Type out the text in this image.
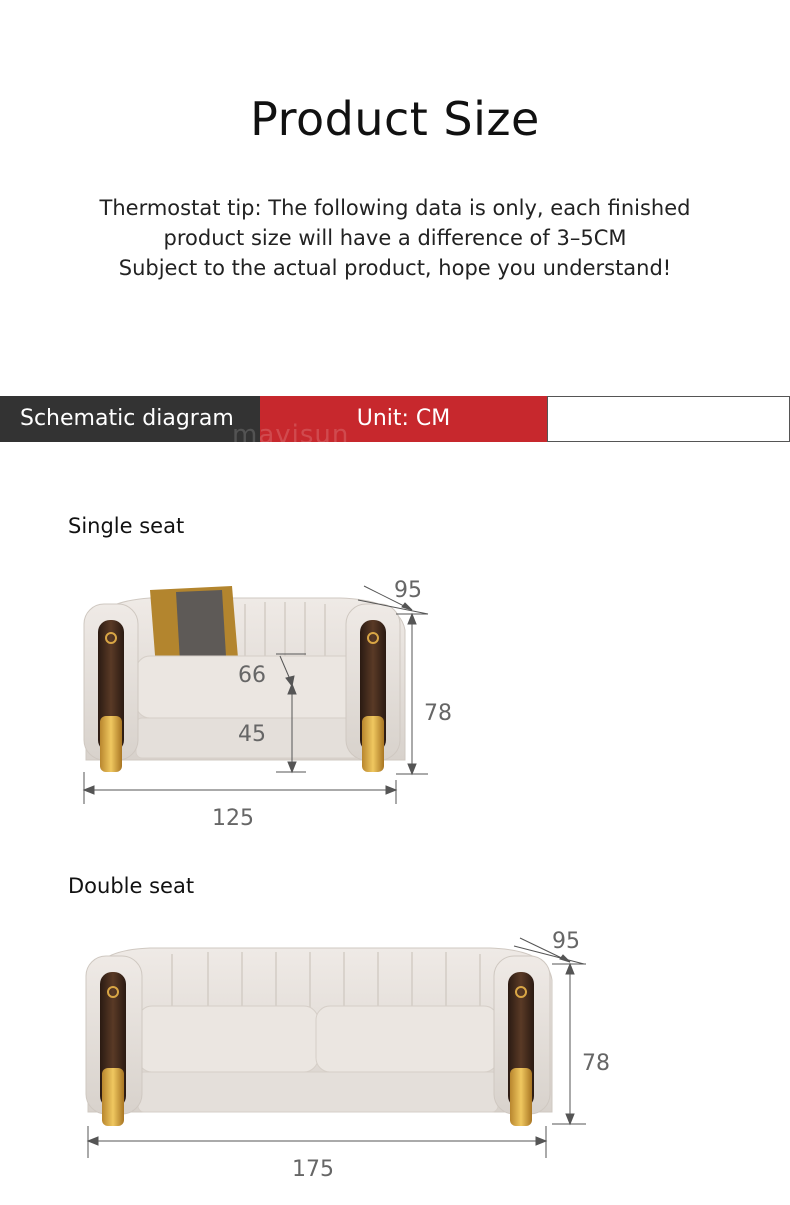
Product Size
Thermostat tip: The following data is only, each finished
product size will have a difference of 3–5CM
Subject to the actual product, hope you understand!
Schematic diagram	Unit: CM
mavisun
Single seat
95
78
66
45
125
Double seat
95
78
175
